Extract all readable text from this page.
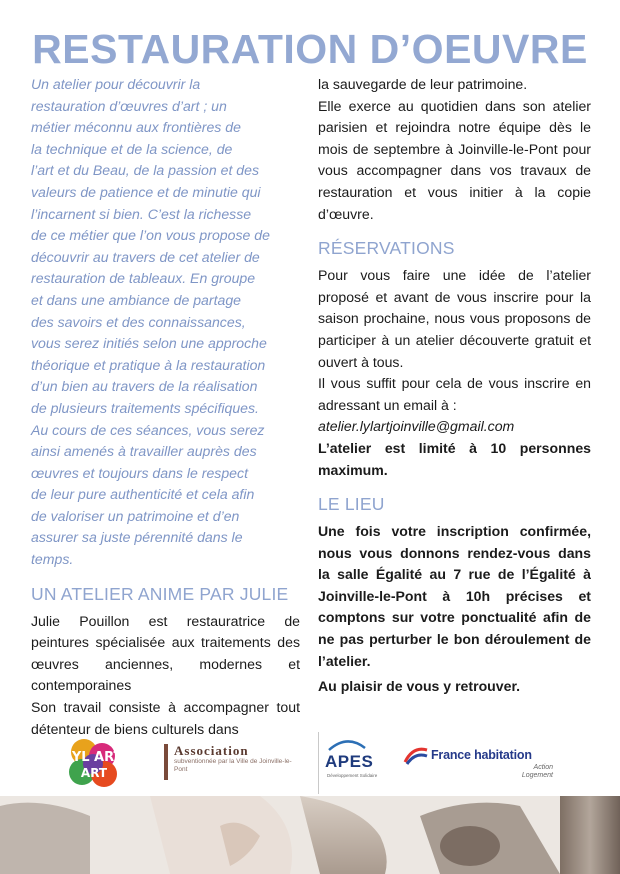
RESTAURATION D’OEUVRE
Un atelier pour découvrir la
restauration d’œuvres d’art ; un
métier méconnu aux frontières de
la technique et de la science, de
l’art et du Beau, de la passion et des
valeurs de patience et de minutie qui
l’incarnent si bien. C’est la richesse
de ce métier que l’on vous propose de
découvrir au travers de cet atelier de
restauration de tableaux. En groupe
et dans une ambiance de partage
des savoirs et des connaissances,
vous serez initiés selon une approche
théorique et pratique à la restauration
d’un bien au travers de la réalisation
de plusieurs traitements spécifiques.
Au cours de ces séances, vous serez
ainsi amenés à travailler auprès des
œuvres et toujours dans le respect
de leur pure authenticité et cela afin
de valoriser un patrimoine et d’en
assurer sa juste pérennité dans le
temps.
UN ATELIER ANIME PAR JULIE

Julie Pouillon est restauratrice de peintures spécialisée aux traitements des œuvres anciennes, modernes et contemporaines

Son travail consiste à accompagner tout détenteur de biens culturels dans

la sauvegarde de leur patrimoine.

Elle exerce au quotidien dans son atelier parisien et rejoindra notre équipe dès le mois de septembre à Joinville-le-Pont pour vous accompagner dans vos travaux de restauration et vous initier à la copie d’œuvre.

RÉSERVATIONS

Pour vous faire une idée de l’atelier proposé et avant de vous inscrire pour la saison prochaine, nous vous proposons de participer à un atelier découverte gratuit et ouvert à tous.

Il vous suffit pour cela de vous inscrire en adressant un email à :

atelier.lylartjoinville@gmail.com

L’atelier est limité à 10 personnes maximum.

LE LIEU

Une fois votre inscription confirmée, nous vous donnons rendez-vous dans la salle Égalité au 7 rue de l’Égalité à Joinville-le-Pont à 10h précises et comptons sur votre ponctualité afin de ne pas perturber le bon déroulement de l’atelier.

Au plaisir de vous y retrouver.

LYL ART
ART
Association
subventionnée par la Ville de Joinville-le-Pont	APES
Développement Solidaire
France habitation
Action Logement
